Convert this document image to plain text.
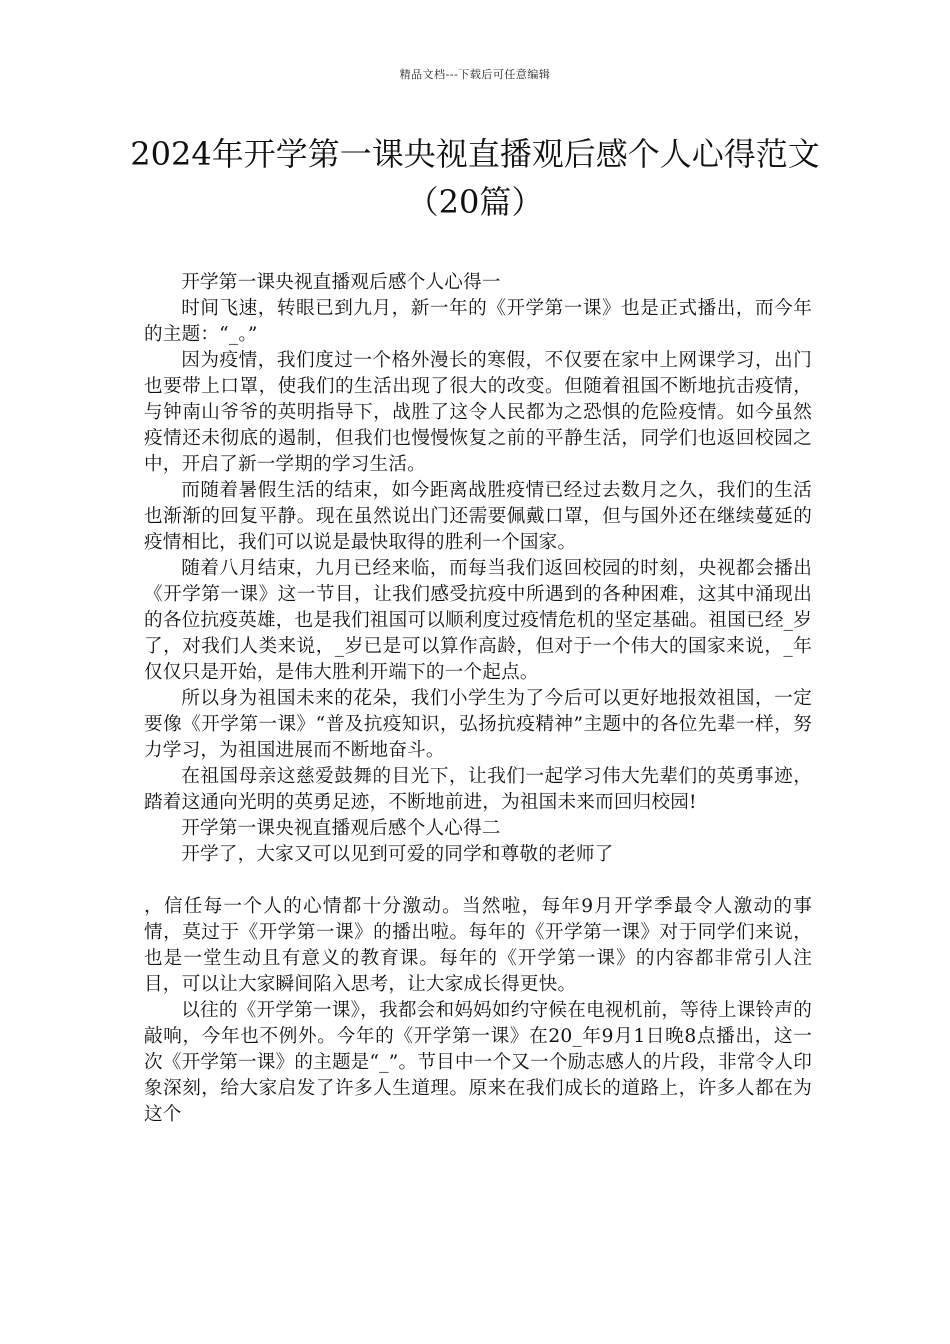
精品文档---下载后可任意编辑
2024年开学第一课央视直播观后感个人心得范文（20篇）

开学第一课央视直播观后感个人心得一

时间飞速，转眼已到九月，新一年的《开学第一课》也是正式播出，而今年的主题：“_。”

因为疫情，我们度过一个格外漫长的寒假，不仅要在家中上网课学习，出门也要带上口罩，使我们的生活出现了很大的改变。但随着祖国不断地抗击疫情，与钟南山爷爷的英明指导下，战胜了这令人民都为之恐惧的危险疫情。如今虽然疫情还未彻底的遏制，但我们也慢慢恢复之前的平静生活，同学们也返回校园之中，开启了新一学期的学习生活。

而随着暑假生活的结束，如今距离战胜疫情已经过去数月之久，我们的生活也渐渐的回复平静。现在虽然说出门还需要佩戴口罩，但与国外还在继续蔓延的疫情相比，我们可以说是最快取得的胜利一个国家。

随着八月结束，九月已经来临，而每当我们返回校园的时刻，央视都会播出《开学第一课》这一节目，让我们感受抗疫中所遇到的各种困难，这其中涌现出的各位抗疫英雄，也是我们祖国可以顺利度过疫情危机的坚定基础。祖国已经_岁了，对我们人类来说，_岁已是可以算作高龄，但对于一个伟大的国家来说，_年仅仅只是开始，是伟大胜利开端下的一个起点。

所以身为祖国未来的花朵，我们小学生为了今后可以更好地报效祖国，一定要像《开学第一课》“普及抗疫知识，弘扬抗疫精神”主题中的各位先辈一样，努力学习，为祖国进展而不断地奋斗。

在祖国母亲这慈爱鼓舞的目光下，让我们一起学习伟大先辈们的英勇事迹，踏着这通向光明的英勇足迹，不断地前进，为祖国未来而回归校园!

开学第一课央视直播观后感个人心得二

开学了，大家又可以见到可爱的同学和尊敬的老师了

，信任每一个人的心情都十分激动。当然啦，每年9月开学季最令人激动的事情，莫过于《开学第一课》的播出啦。每年的《开学第一课》对于同学们来说，也是一堂生动且有意义的教育课。每年的《开学第一课》的内容都非常引人注目，可以让大家瞬间陷入思考，让大家成长得更快。

以往的《开学第一课》，我都会和妈妈如约守候在电视机前，等待上课铃声的敲响，今年也不例外。今年的《开学第一课》在20_年9月1日晚8点播出，这一次《开学第一课》的主题是“_”。节目中一个又一个励志感人的片段，非常令人印象深刻，给大家启发了许多人生道理。原来在我们成长的道路上，许多人都在为这个
